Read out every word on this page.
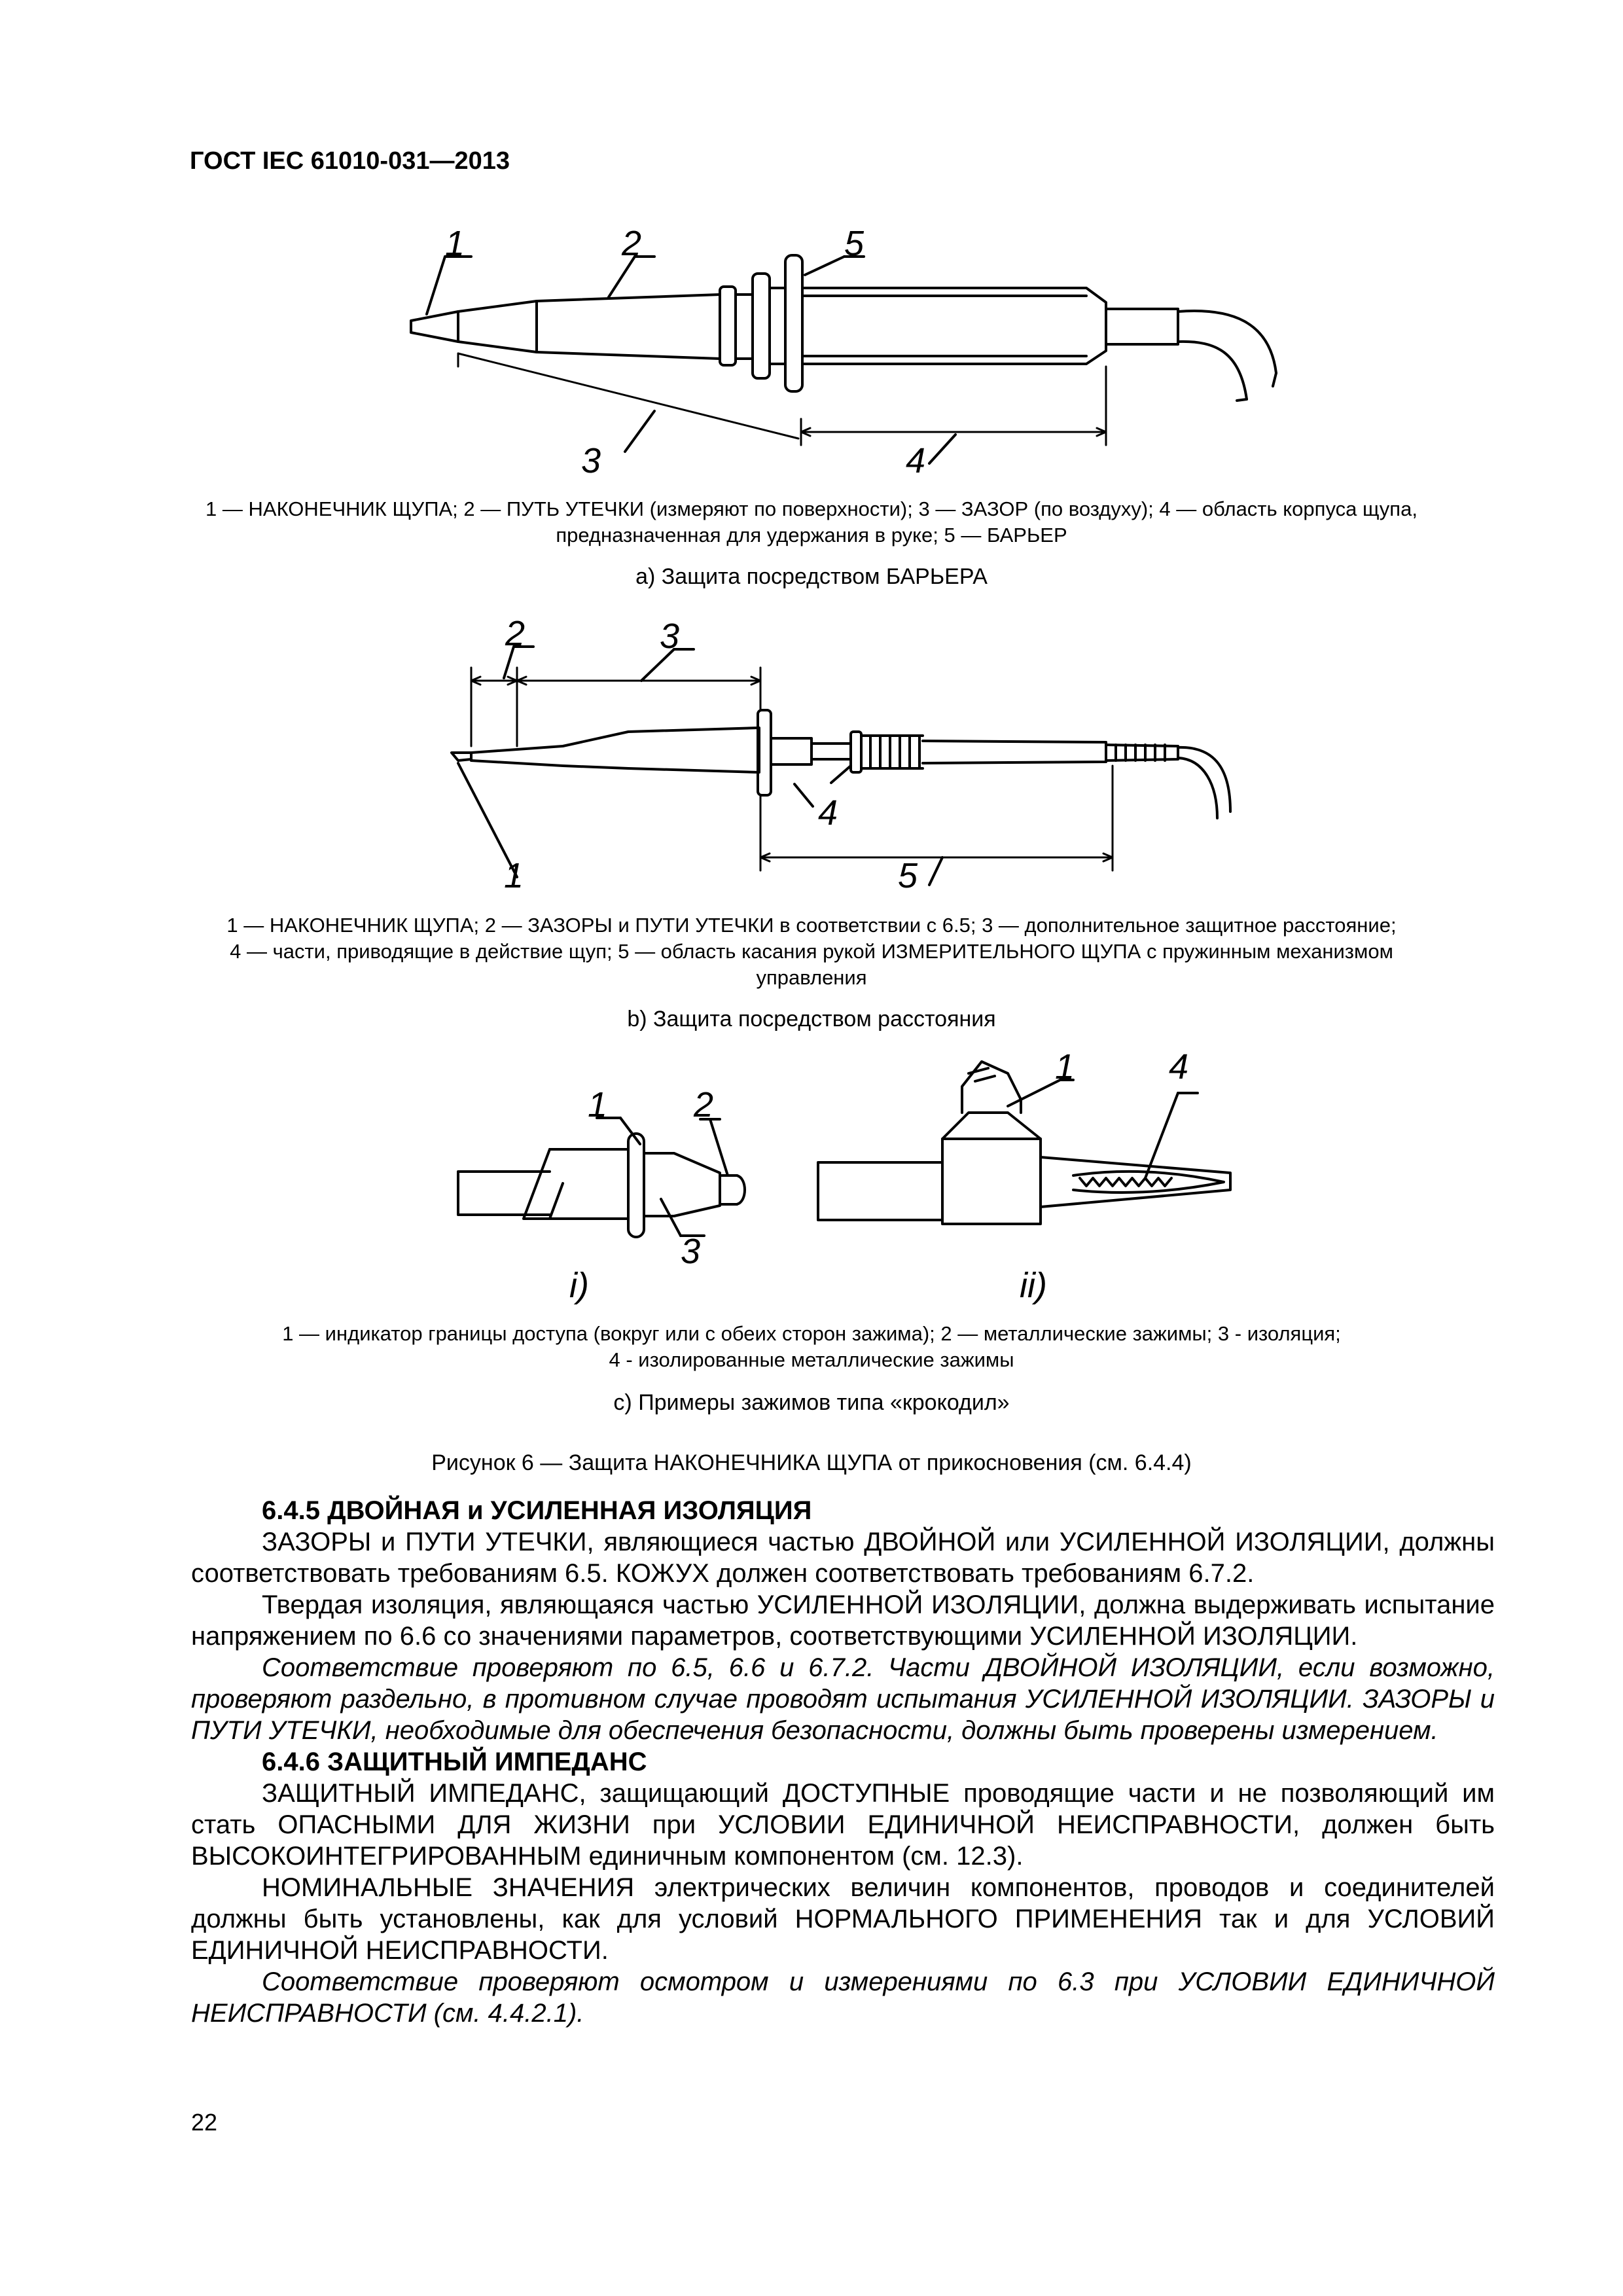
ГОСТ IEC 61010-031—2013
1	2	5
3	4
2	3
4
1	5
1 2
3
i)
1	4
ii)
1 — НАКОНЕЧНИК ЩУПА; 2 — ПУТЬ УТЕЧКИ (измеряют по поверхности); 3 — ЗАЗОР (по воздуху); 4 — область корпуса щупа,
предназначенная для удержания в руке; 5 — БАРЬЕР
а) Защита посредством БАРЬЕРА
1 — НАКОНЕЧНИК ЩУПА; 2 — ЗАЗОРЫ и ПУТИ УТЕЧКИ в соответствии с 6.5; 3 — дополнительное защитное расстояние;
4 — части, приводящие в действие щуп; 5 — область касания рукой ИЗМЕРИТЕЛЬНОГО ЩУПА с пружинным механизмом
управления
b) Защита посредством расстояния
1 — индикатор границы доступа (вокруг или с обеих сторон зажима); 2 — металлические зажимы; 3 - изоляция;
4 - изолированные металлические зажимы
с) Примеры зажимов типа «крокодил»
Рисунок 6 — Защита НАКОНЕЧНИКА ЩУПА от прикосновения (см. 6.4.4)

6.4.5 ДВОЙНАЯ и УСИЛЕННАЯ ИЗОЛЯЦИЯ

ЗАЗОРЫ и ПУТИ УТЕЧКИ, являющиеся частью ДВОЙНОЙ или УСИЛЕННОЙ ИЗОЛЯЦИИ, должны соответствовать требованиям 6.5. КОЖУХ должен соответствовать требованиям 6.7.2.

Твердая изоляция, являющаяся частью УСИЛЕННОЙ ИЗОЛЯЦИИ, должна выдерживать испытание напряжением по 6.6 со значениями параметров, соответствующими УСИЛЕННОЙ ИЗОЛЯЦИИ.

Соответствие проверяют по 6.5, 6.6 и 6.7.2. Части ДВОЙНОЙ ИЗОЛЯЦИИ, если возможно, проверяют раздельно, в противном случае проводят испытания УСИЛЕННОЙ ИЗОЛЯЦИИ. ЗАЗОРЫ и ПУТИ УТЕЧКИ, необходимые для обеспечения безопасности, должны быть проверены измерением.

6.4.6 ЗАЩИТНЫЙ ИМПЕДАНС

ЗАЩИТНЫЙ ИМПЕДАНС, защищающий ДОСТУПНЫЕ проводящие части и не позволяющий им стать ОПАСНЫМИ ДЛЯ ЖИЗНИ при УСЛОВИИ ЕДИНИЧНОЙ НЕИСПРАВНОСТИ, должен быть ВЫСОКОИНТЕГРИРОВАННЫМ единичным компонентом (см. 12.3).

НОМИНАЛЬНЫЕ ЗНАЧЕНИЯ электрических величин компонентов, проводов и соединителей должны быть установлены, как для условий НОРМАЛЬНОГО ПРИМЕНЕНИЯ так и для УСЛОВИЙ ЕДИНИЧНОЙ НЕИСПРАВНОСТИ.

Соответствие проверяют осмотром и измерениями по 6.3 при УСЛОВИИ ЕДИНИЧНОЙ НЕИСПРАВНОСТИ (см. 4.4.2.1).

22
